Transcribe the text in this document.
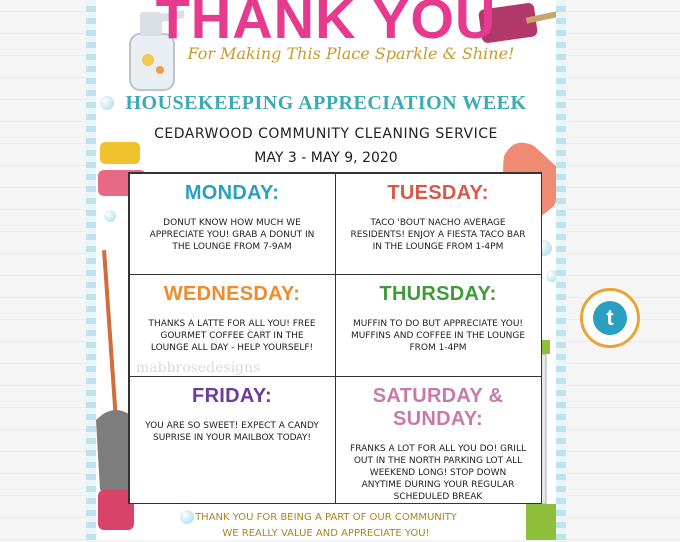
THANK YOU
For Making This Place Sparkle & Shine!
HOUSEKEEPING APPRECIATION WEEK
CEDARWOOD COMMUNITY CLEANING SERVICE
MAY 3 - MAY 9, 2020
MONDAY:
DONUT KNOW HOW MUCH WE APPRECIATE YOU! GRAB A DONUT IN THE LOUNGE FROM 7-9AM
TUESDAY:
TACO 'BOUT NACHO AVERAGE RESIDENTS! ENJOY A FIESTA TACO BAR IN THE LOUNGE FROM 1-4PM
WEDNESDAY:
THANKS A LATTE FOR ALL YOU! FREE GOURMET COFFEE CART IN THE LOUNGE ALL DAY - HELP YOURSELF!
THURSDAY:
MUFFIN TO DO BUT APPRECIATE YOU! MUFFINS AND COFFEE IN THE LOUNGE FROM 1-4PM
FRIDAY:
YOU ARE SO SWEET! EXPECT A CANDY SUPRISE IN YOUR MAILBOX TODAY!
SATURDAY & SUNDAY:
FRANKS A LOT FOR ALL YOU DO! GRILL OUT IN THE NORTH PARKING LOT ALL WEEKEND LONG! STOP DOWN ANYTIME DURING YOUR REGULAR SCHEDULED BREAK
THANK YOU FOR BEING A PART OF OUR COMMUNITY
WE REALLY VALUE AND APPRECIATE YOU!
mabbrosedesigns
t
